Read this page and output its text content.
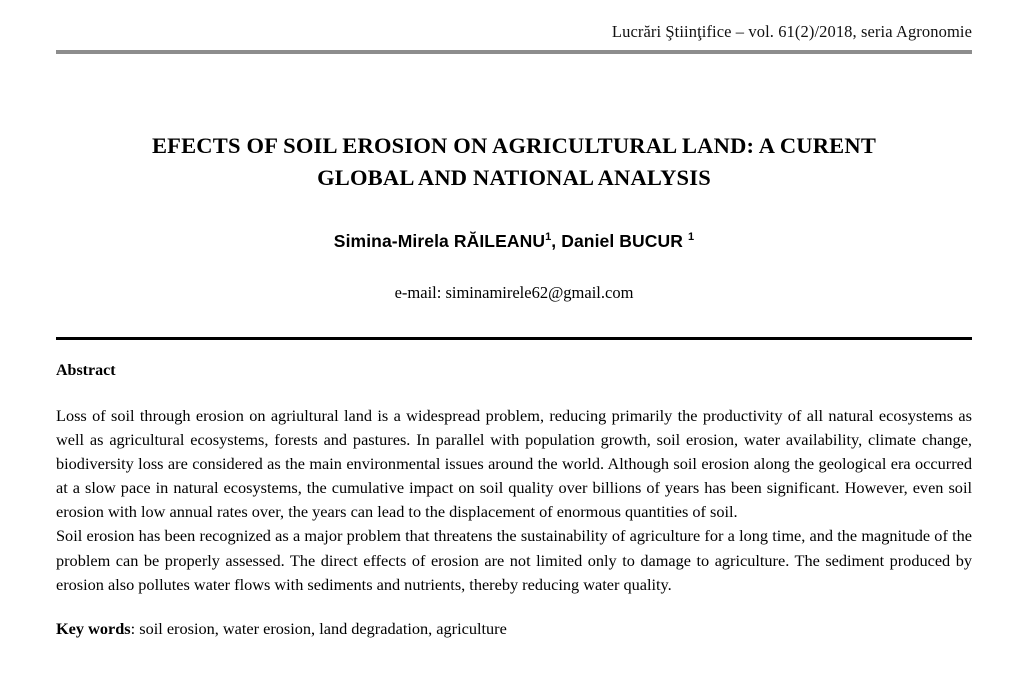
Lucrări Ştiinţifice – vol. 61(2)/2018, seria Agronomie
EFECTS OF SOIL EROSION ON AGRICULTURAL LAND: A CURENT
GLOBAL AND NATIONAL ANALYSIS
Simina-Mirela RĂILEANU$^1$, Daniel BUCUR $^1$
e-mail: siminamirele62@gmail.com
Abstract

Loss of soil through erosion on agriultural land is a widespread problem, reducing primarily the productivity of all natural ecosystems as well as agricultural ecosystems, forests and pastures. In parallel with population growth, soil erosion, water availability, climate change, biodiversity loss are considered as the main environmental issues around the world. Although soil erosion along the geological era occurred at a slow pace in natural ecosystems, the cumulative impact on soil quality over billions of years has been significant. However, even soil erosion with low annual rates over, the years can lead to the displacement of enormous quantities of soil.

Soil erosion has been recognized as a major problem that threatens the sustainability of agriculture for a long time, and the magnitude of the problem can be properly assessed. The direct effects of erosion are not limited only to damage to agriculture. The sediment produced by erosion also pollutes water flows with sediments and nutrients, thereby reducing water quality.

Key words: soil erosion, water erosion, land degradation, agriculture
